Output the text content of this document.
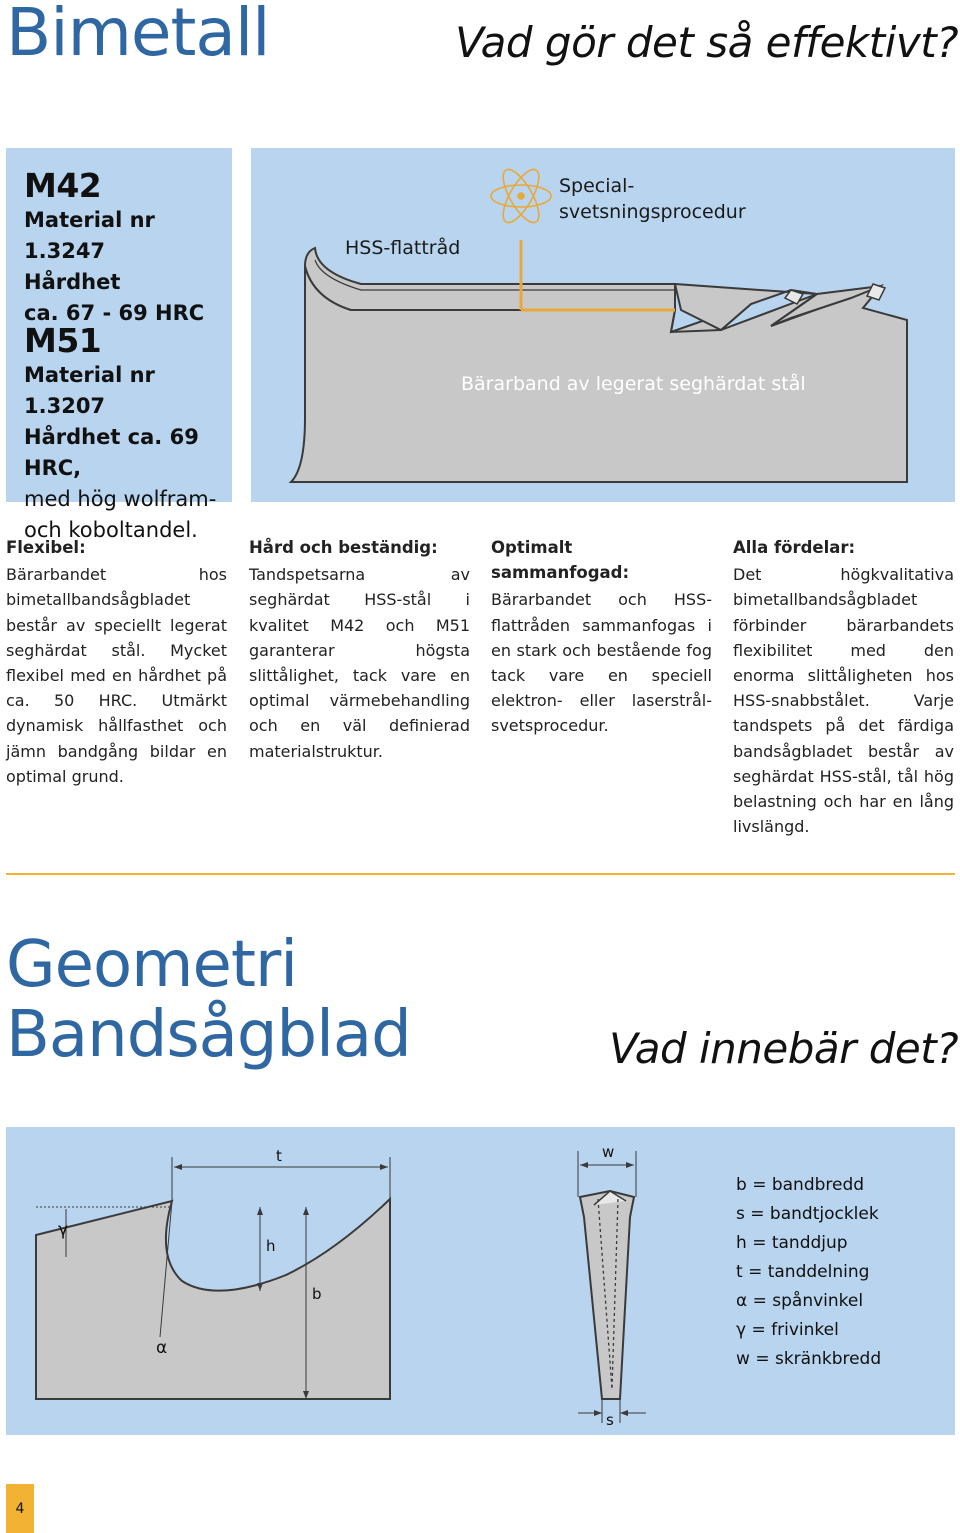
Bimetall	Vad gör det så effektivt?
M42
Material nr 1.3247
Hårdhet
ca. 67 - 69 HRC
M51
Material nr 1.3207
Hårdhet ca. 69 HRC,
med hög wolfram-
och koboltandel.
HSS-flattråd
Special-
svetsningsprocedur
Bärarband av legerat seghärdat stål
Flexibel:

Bärarbandet hos bimetallbandsågbladet består av speciellt legerat seghärdat stål. Mycket flexibel med en hårdhet på ca. 50 HRC. Utmärkt dynamisk hållfasthet och jämn bandgång bildar en optimal grund.

Hård och beständig:

Tandspetsarna av seghärdat HSS-stål i kvalitet M42 och M51 garanterar högsta slittålighet, tack vare en optimal värmebehandling och en väl definierad materialstruktur.

Optimalt sammanfogad:

Bärarbandet och HSS-flattråden sammanfogas i en stark och bestående fog tack vare en speciell elektron- eller laserstrål-svetsprocedur.

Alla fördelar:

Det högkvalitativa bimetallbandsågbladet förbinder bärarbandets flexibilitet med den enorma slittåligheten hos HSS-snabbstålet. Varje tandspets på det färdiga bandsågbladet består av seghärdat HSS-stål, tål hög belastning och har en lång livslängd.

Geometri
Bandsågblad	Vad innebär det?
t
h
b
γ
α
w
s
b = bandbredd
s = bandtjocklek
h = tanddjup
t = tanddelning
α = spånvinkel
γ = frivinkel
w = skränkbredd
4
